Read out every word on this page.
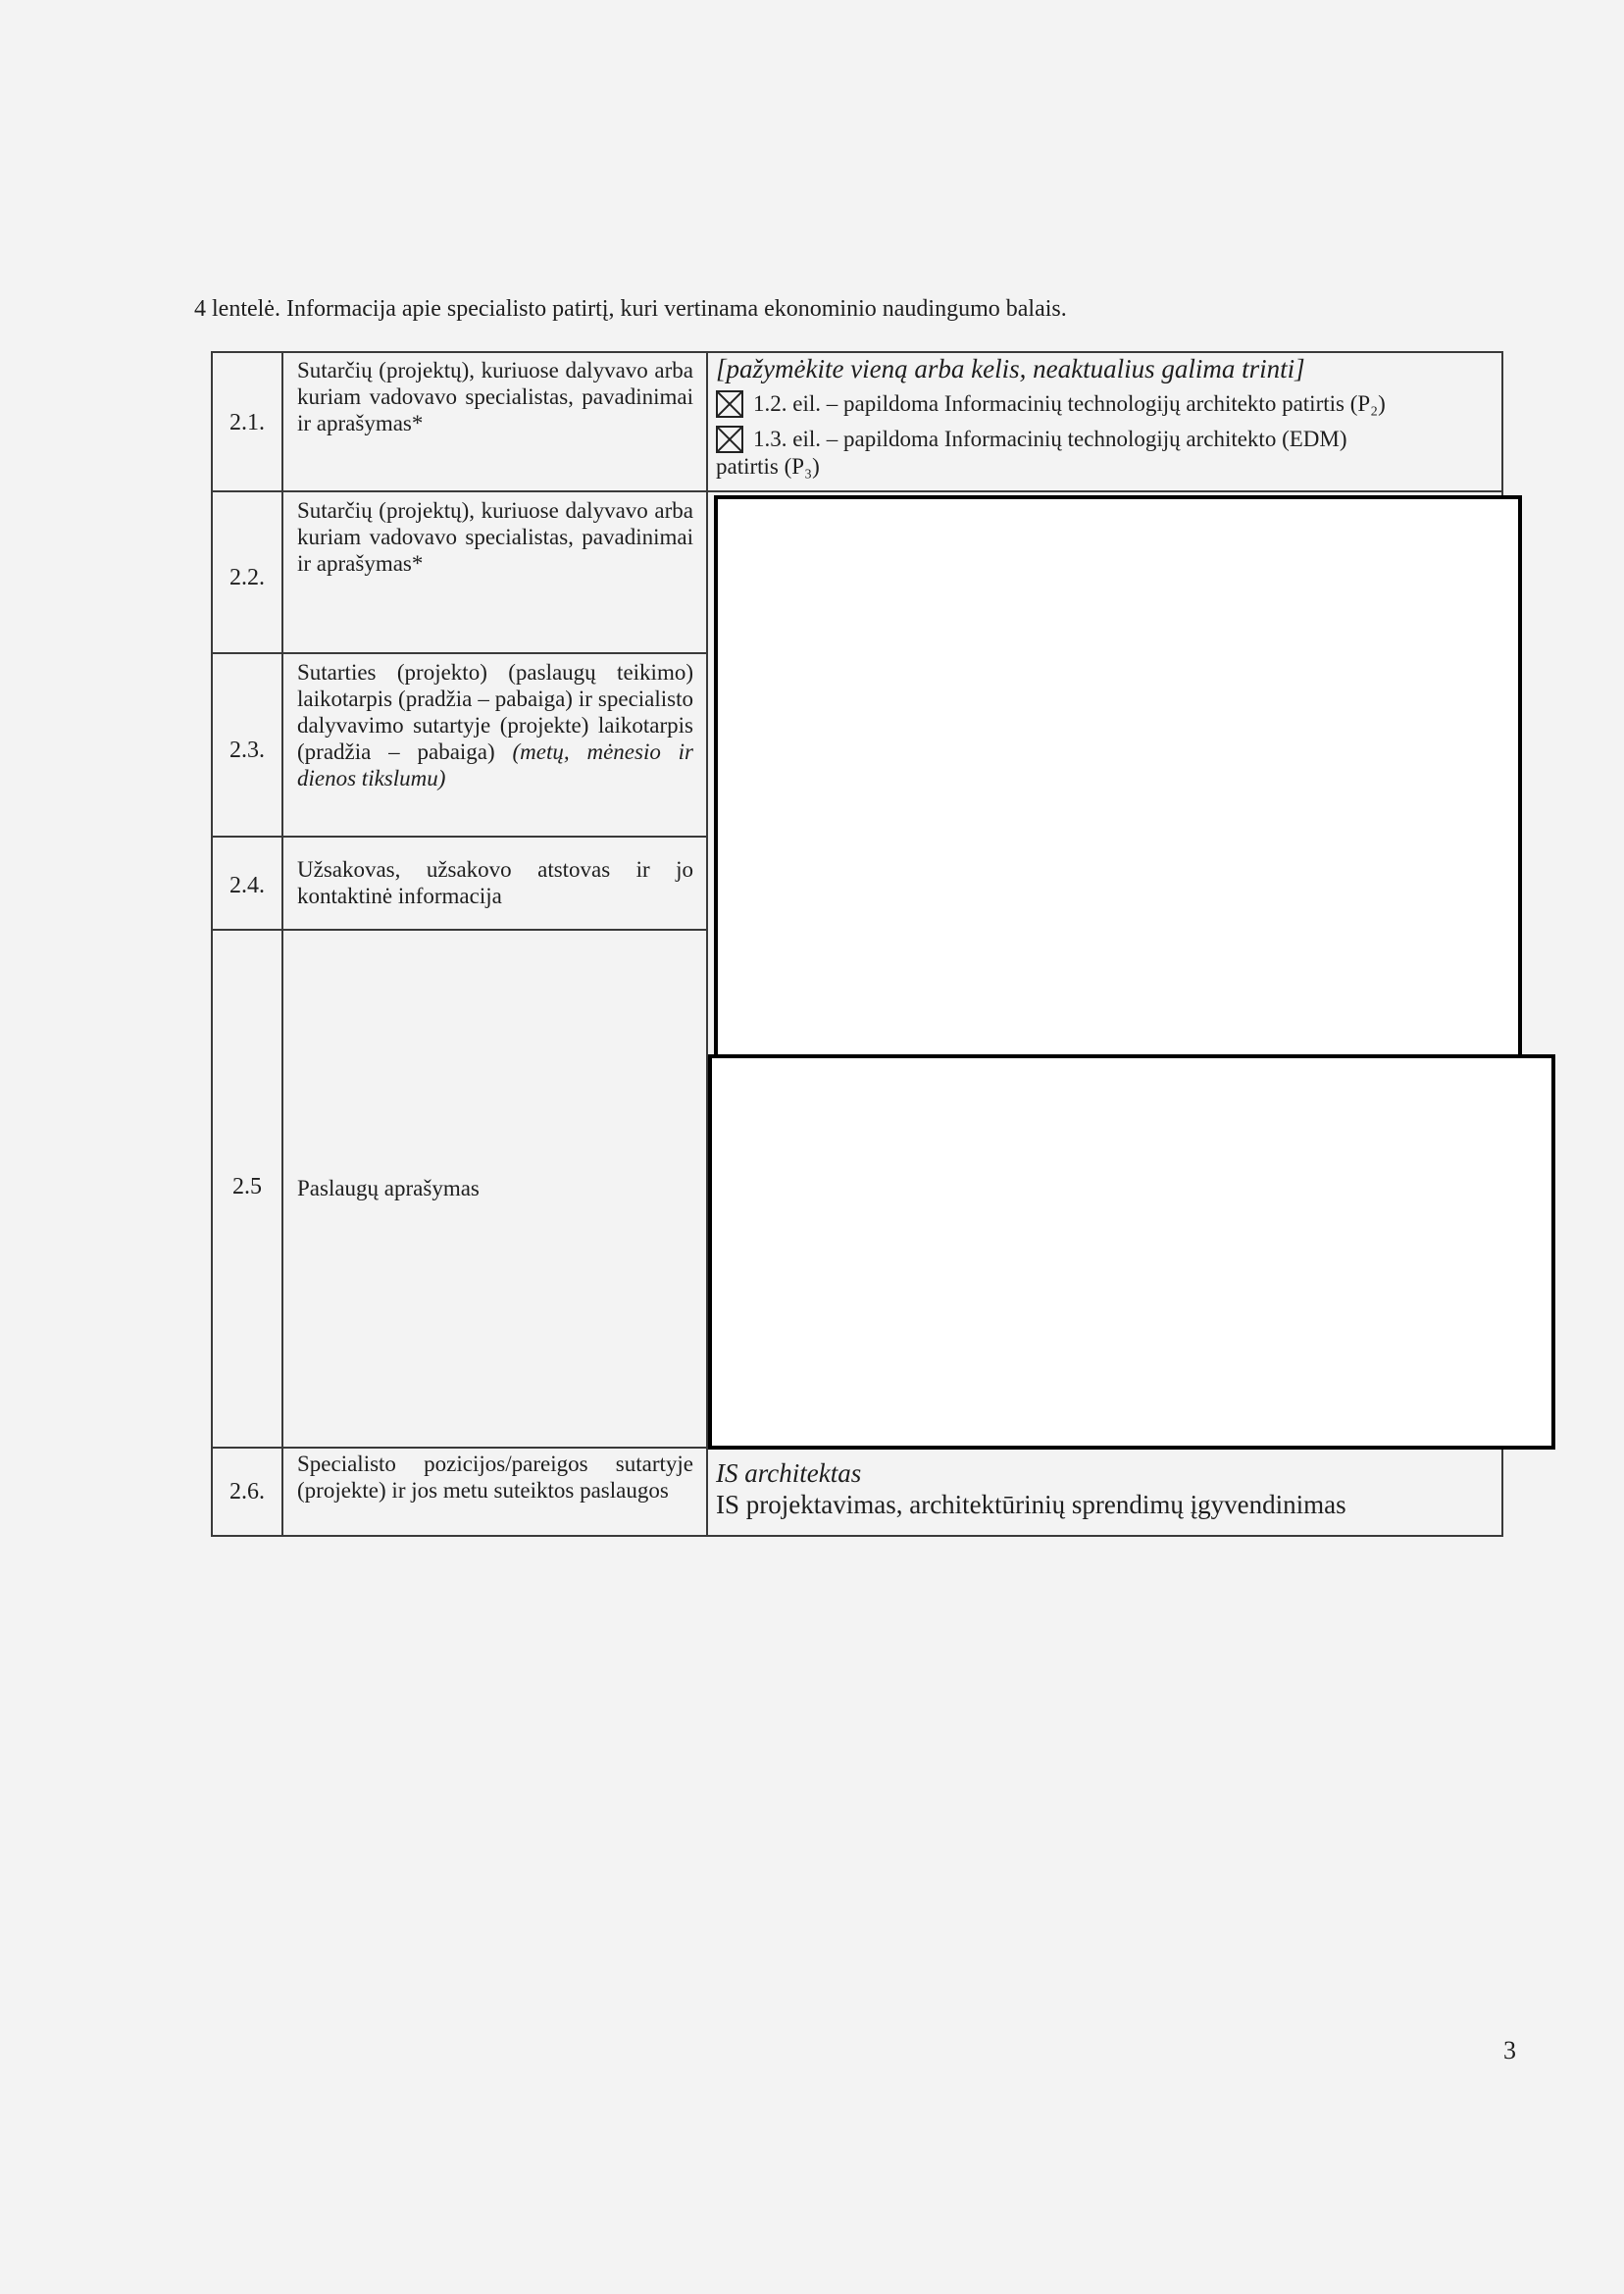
4 lentelė. Informacija apie specialisto patirtį, kuri vertinama ekonominio naudingumo balais.
2.1.
Sutarčių (projektų), kuriuose dalyvavo arba kuriam vadovavo specialistas, pavadinimai ir aprašymas*
[pažymėkite vieną arba kelis, neaktualius galima trinti]
1.2. eil. – papildoma Informacinių technologijų architekto patirtis (P₂)
1.3. eil. – papildoma Informacinių technologijų architekto (EDM)
patirtis (P₃)
2.2.
Sutarčių (projektų), kuriuose dalyvavo arba kuriam vadovavo specialistas, pavadinimai ir aprašymas*
2.3.
Sutarties (projekto) (paslaugų teikimo) laikotarpis (pradžia – pabaiga) ir specialisto dalyvavimo sutartyje (projekte) laikotarpis (pradžia – pabaiga) (metų, mėnesio ir dienos tikslumu)
2.4.
Užsakovas, užsakovo atstovas ir jo kontaktinė informacija
2.5	Paslaugų aprašymas
2.6.
Specialisto pozicijos/pareigos sutartyje (projekte) ir jos metu suteiktos paslaugos
IS architektas
IS projektavimas, architektūrinių sprendimų įgyvendinimas
3
